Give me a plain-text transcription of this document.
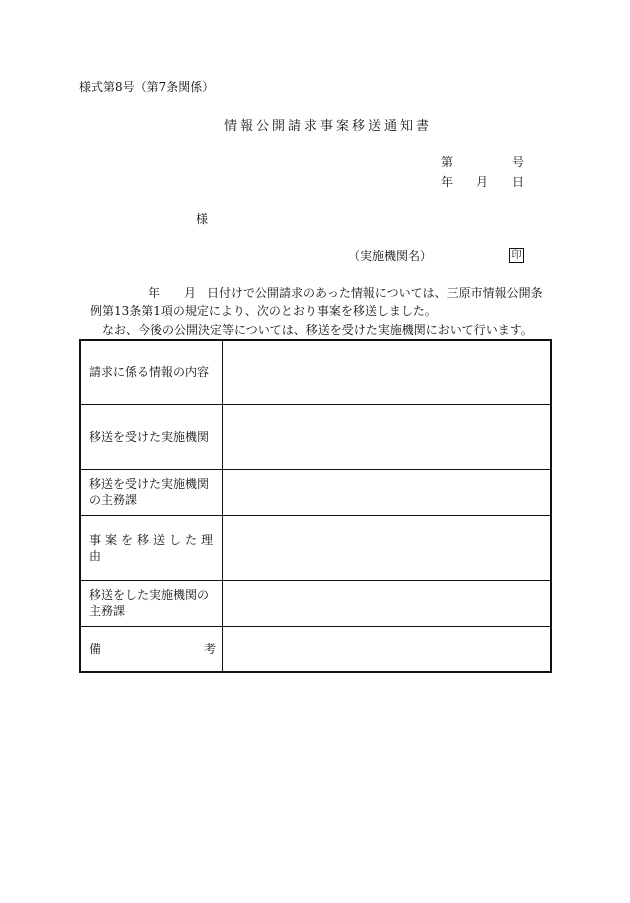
様式第8号（第7条関係）
情報公開請求事案移送通知書
第	号
年 月 日
様
（実施機関名）	印
年 月 日付けで公開請求のあった情報については、三原市情報公開条
例第13条第1項の規定により、次のとおり事案を移送しました。
なお、今後の公開決定等については、移送を受けた実施機関において行います。
請求に係る情報の内容	
移送を受けた実施機関	

移送を受けた実施機関
の主務課	

事案を移送した理由	

移送をした実施機関の
主務課	

備 考	
